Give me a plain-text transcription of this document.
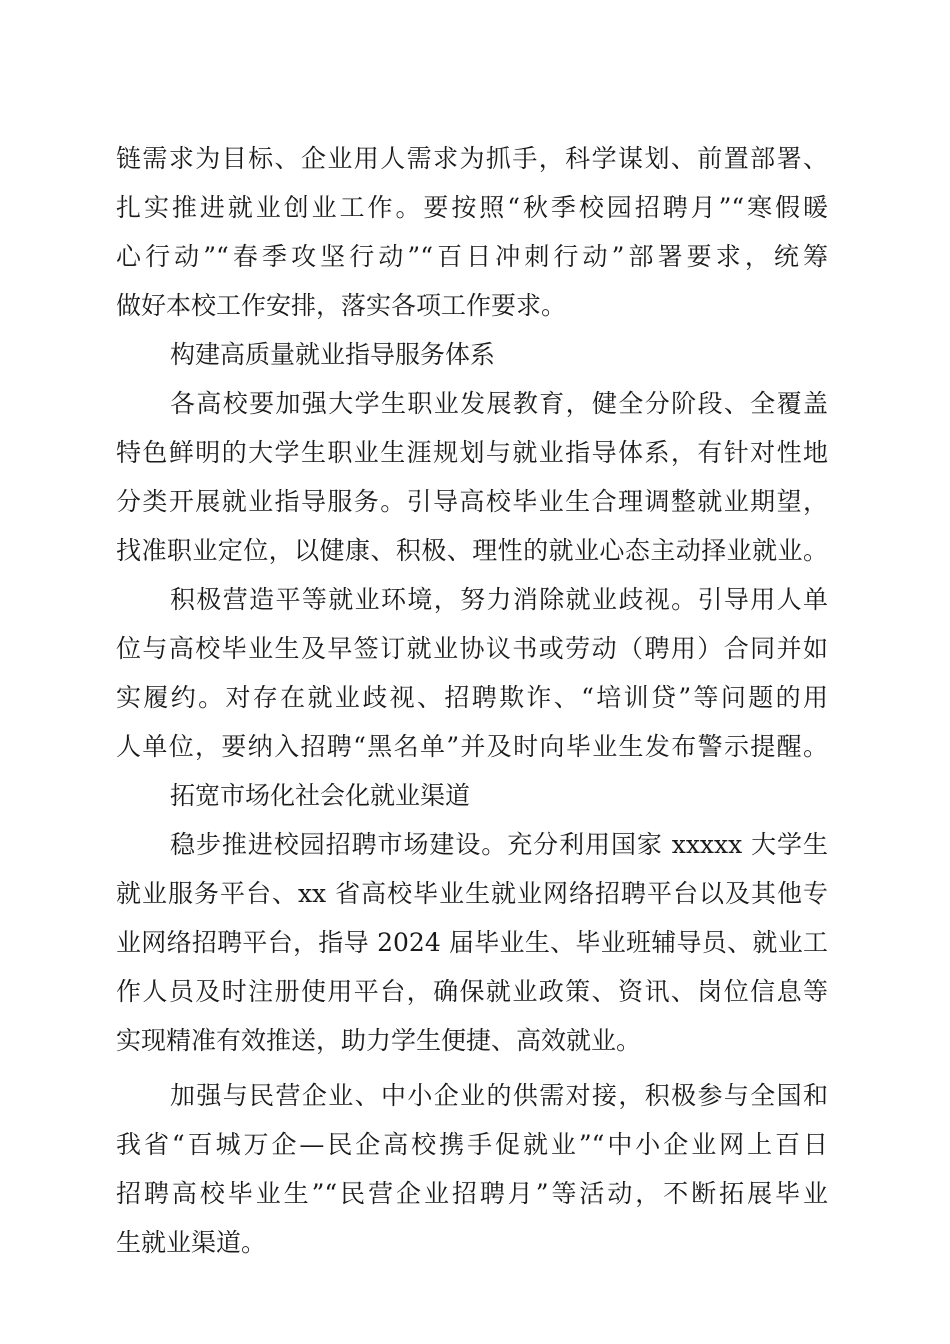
链需求为目标、企业用人需求为抓手，科学谋划、前置部署、
扎实推进就业创业工作。要按照“秋季校园招聘月”“寒假暖
心行动”“春季攻坚行动”“百日冲刺行动”部署要求，统筹
做好本校工作安排，落实各项工作要求。
构建高质量就业指导服务体系
各高校要加强大学生职业发展教育，健全分阶段、全覆盖
特色鲜明的大学生职业生涯规划与就业指导体系，有针对性地
分类开展就业指导服务。引导高校毕业生合理调整就业期望，
找准职业定位，以健康、积极、理性的就业心态主动择业就业。
积极营造平等就业环境，努力消除就业歧视。引导用人单
位与高校毕业生及早签订就业协议书或劳动（聘用）合同并如
实履约。对存在就业歧视、招聘欺诈、“培训贷”等问题的用
人单位，要纳入招聘“黑名单”并及时向毕业生发布警示提醒。
拓宽市场化社会化就业渠道
稳步推进校园招聘市场建设。充分利用国家 xxxxx 大学生
就业服务平台、xx 省高校毕业生就业网络招聘平台以及其他专
业网络招聘平台，指导 2024 届毕业生、毕业班辅导员、就业工
作人员及时注册使用平台，确保就业政策、资讯、岗位信息等
实现精准有效推送，助力学生便捷、高效就业。
加强与民营企业、中小企业的供需对接，积极参与全国和
我省“百城万企—民企高校携手促就业”“中小企业网上百日
招聘高校毕业生”“民营企业招聘月”等活动，不断拓展毕业
生就业渠道。
